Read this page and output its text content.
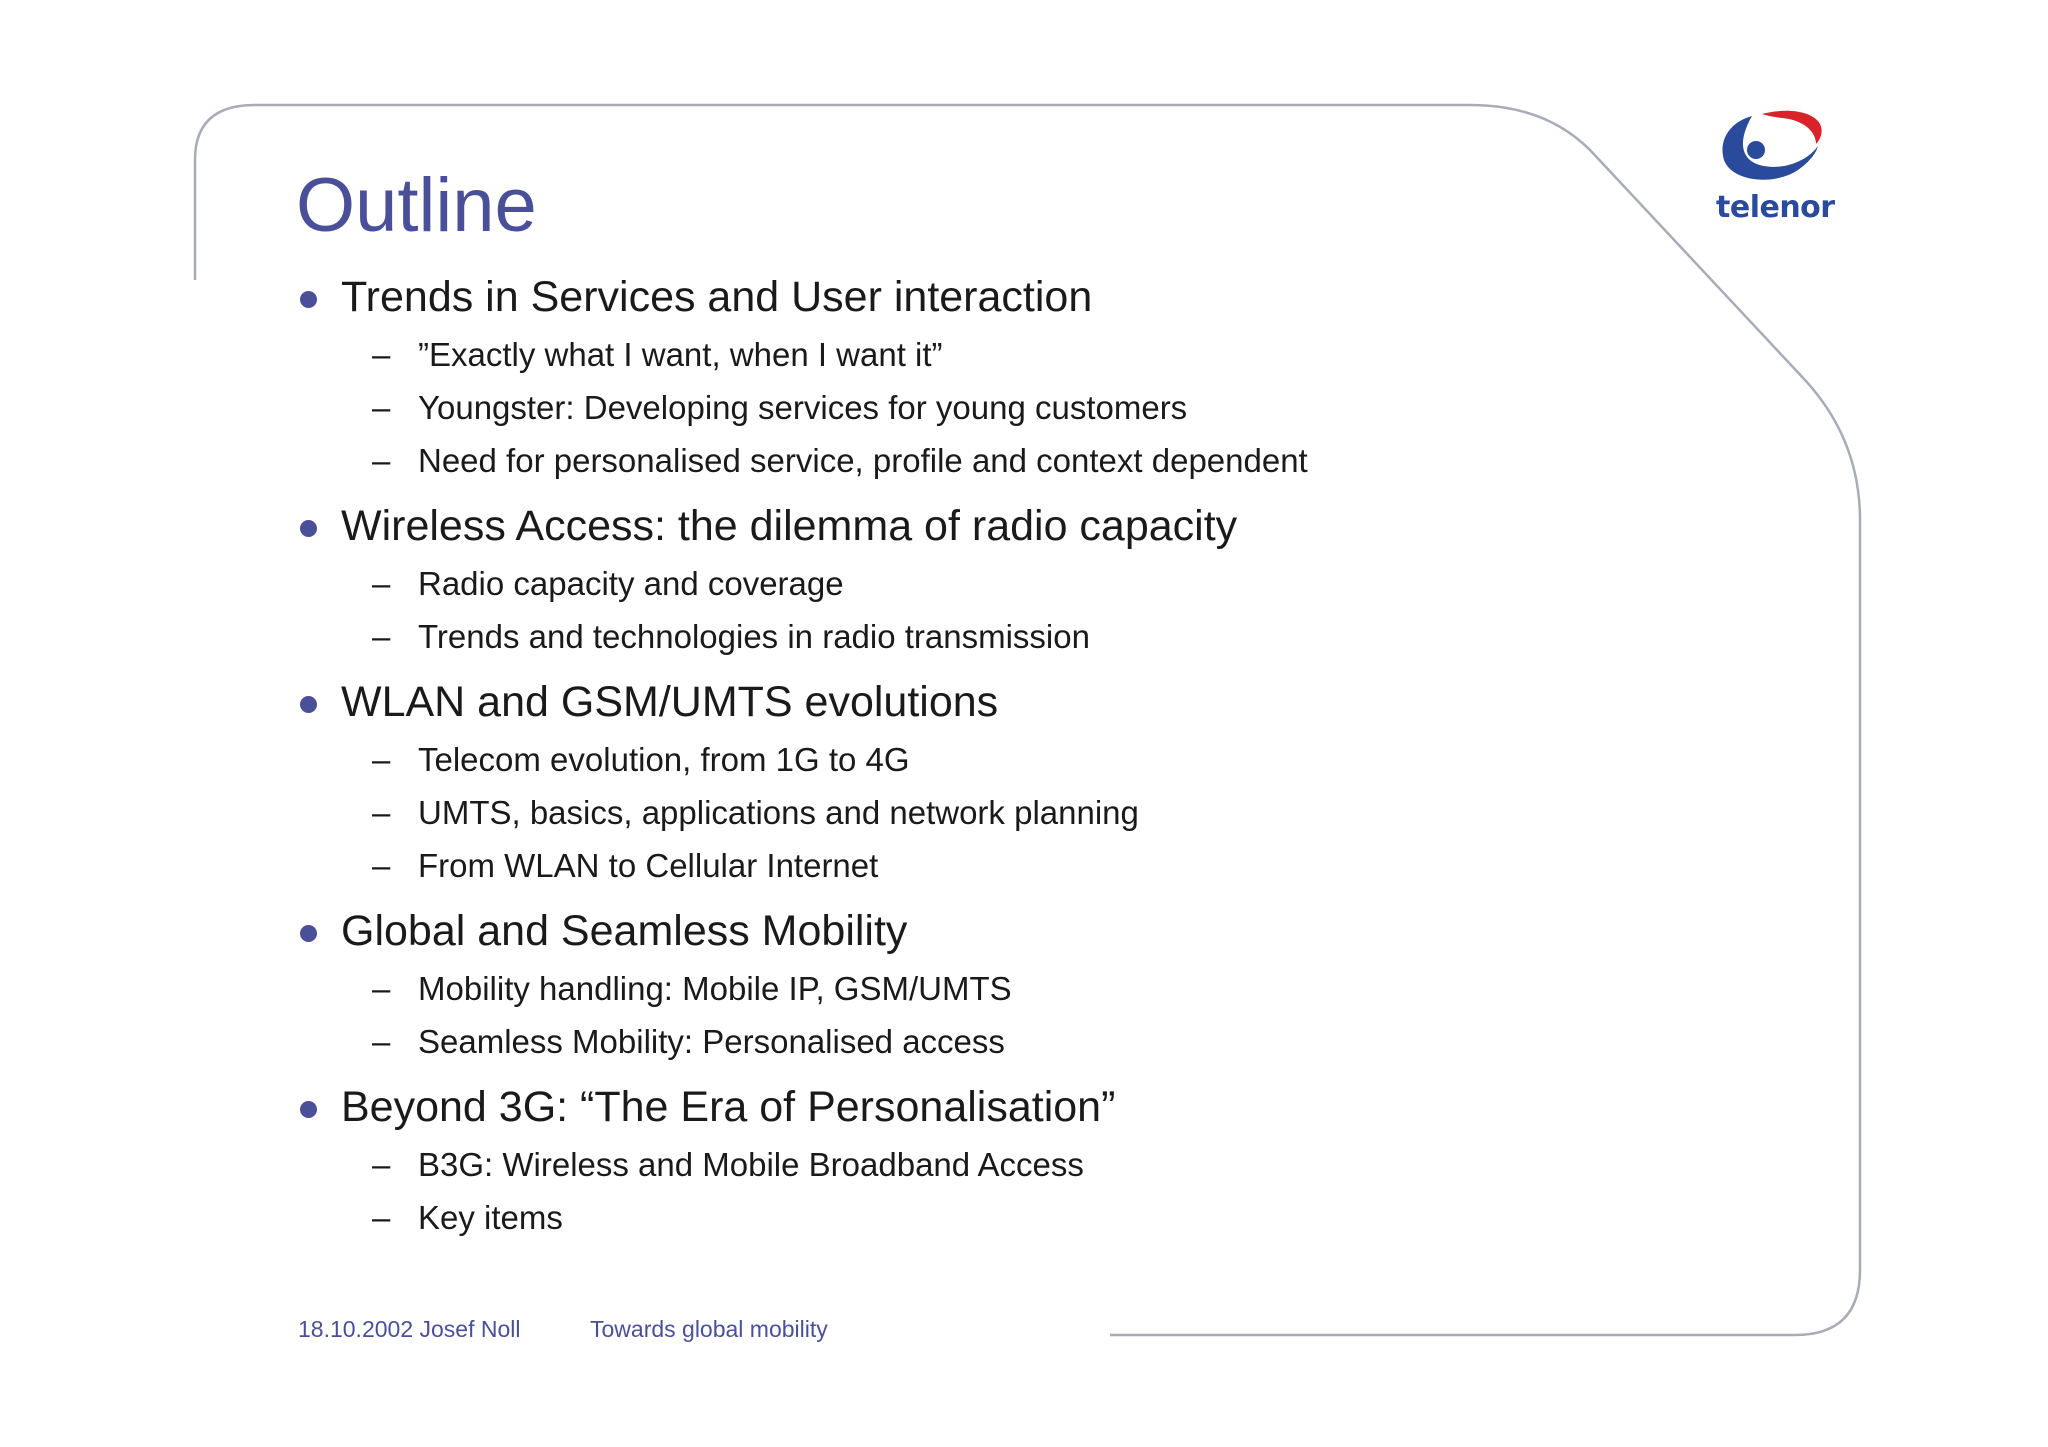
telenor
Outline
Trends in Services and User interaction
– ”Exactly what I want, when I want it”
– Youngster: Developing services for young customers
– Need for personalised service, profile and context dependent
Wireless Access: the dilemma of radio capacity
– Radio capacity and coverage
– Trends and technologies in radio transmission
WLAN and GSM/UMTS evolutions
– Telecom evolution, from 1G to 4G
– UMTS, basics, applications and network planning
– From WLAN to Cellular Internet
Global and Seamless Mobility
– Mobility handling: Mobile IP, GSM/UMTS
– Seamless Mobility: Personalised access
Beyond 3G: “The Era of Personalisation”
– B3G: Wireless and Mobile Broadband Access
– Key items
18.10.2002 Josef Noll	Towards global mobility
